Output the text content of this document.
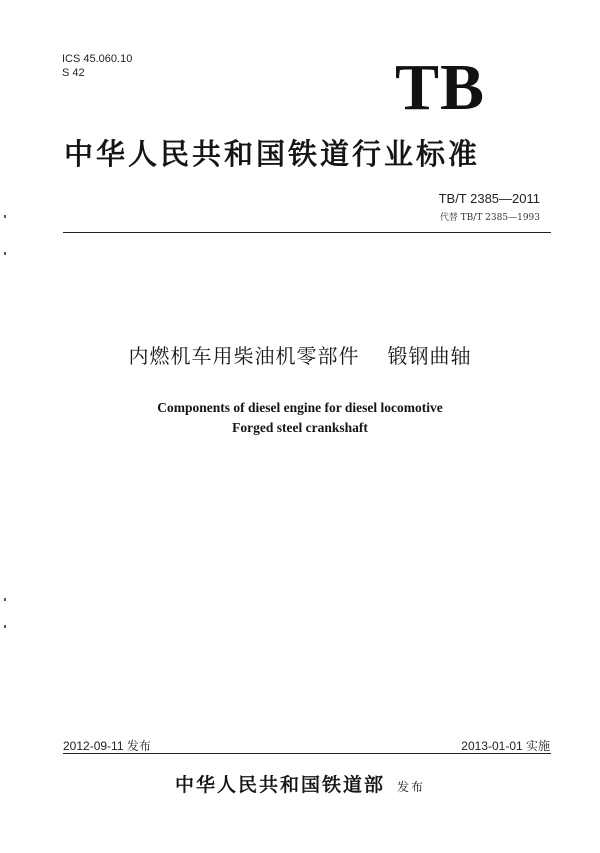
ICS 45.060.10
S 42	TB
中华人民共和国铁道行业标准
TB/T 2385—2011
代替 TB/T 2385—1993
内燃机车用柴油机零部件 锻钢曲轴
Components of diesel engine for diesel locomotive
Forged steel crankshaft
2012-09-11 发布	2013-01-01 实施
中华人民共和国铁道部 发布
